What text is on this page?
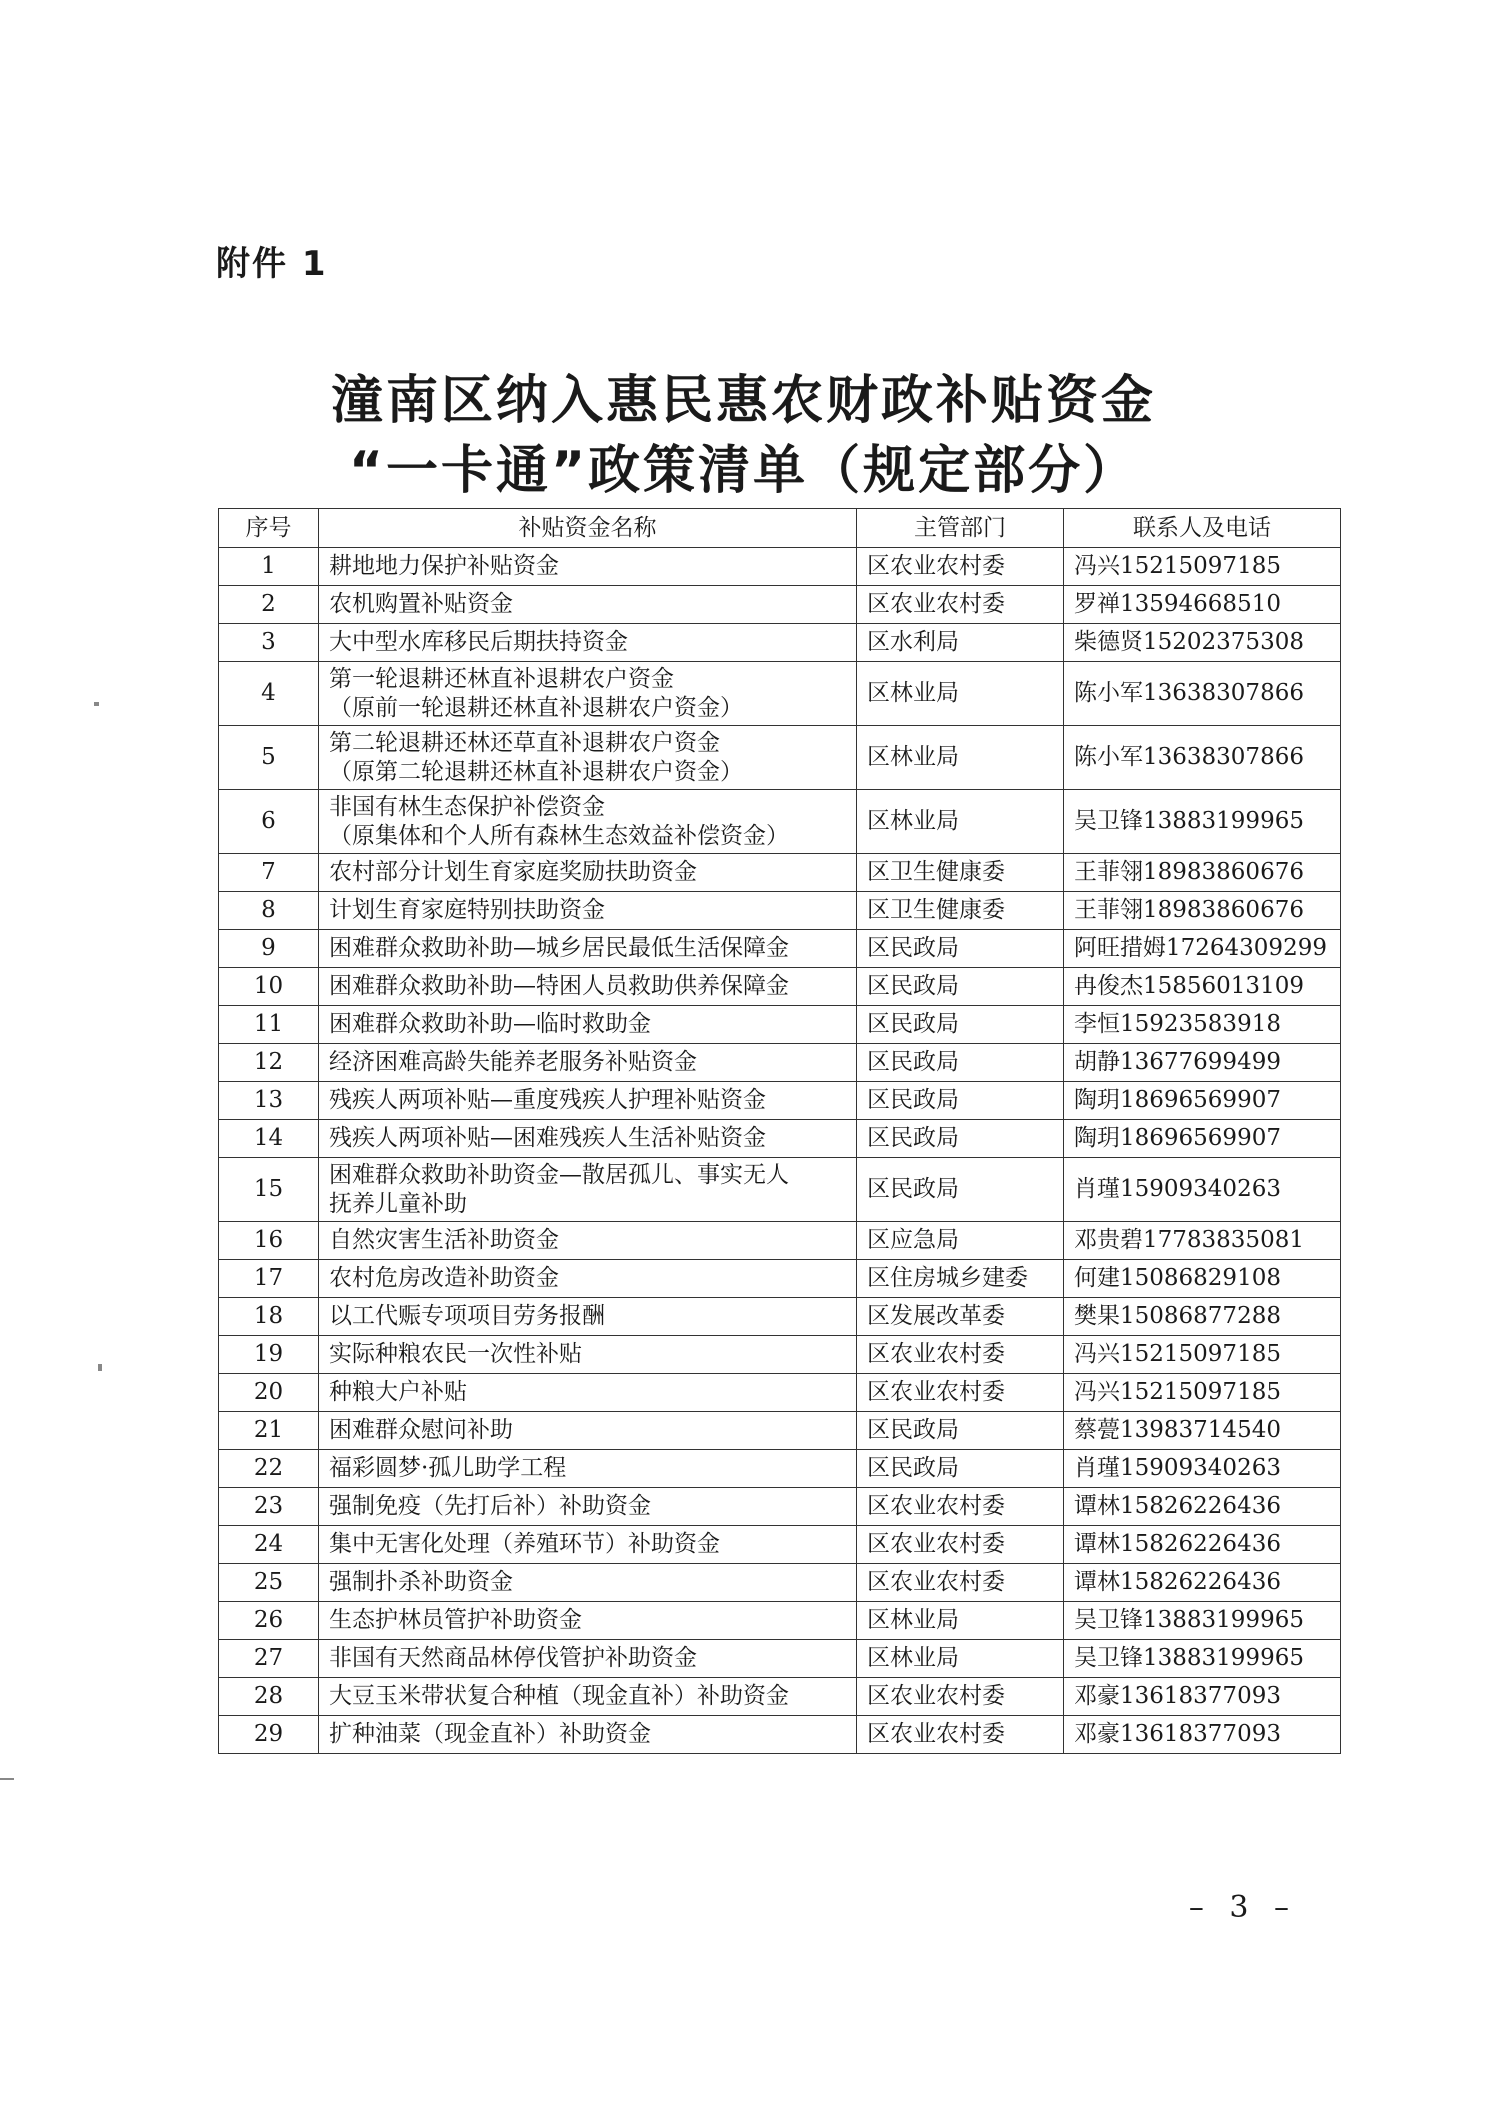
附件 1
潼南区纳入惠民惠农财政补贴资金
“一卡通”政策清单（规定部分）
序号	补贴资金名称	主管部门	联系人及电话
1	耕地地力保护补贴资金	区农业农村委	冯兴15215097185
2	农机购置补贴资金	区农业农村委	罗禅13594668510
3	大中型水库移民后期扶持资金	区水利局	柴德贤15202375308
4	第一轮退耕还林直补退耕农户资金
（原前一轮退耕还林直补退耕农户资金）	区林业局	陈小军13638307866
5	第二轮退耕还林还草直补退耕农户资金
（原第二轮退耕还林直补退耕农户资金）	区林业局	陈小军13638307866
6	非国有林生态保护补偿资金
（原集体和个人所有森林生态效益补偿资金）	区林业局	吴卫锋13883199965
7	农村部分计划生育家庭奖励扶助资金	区卫生健康委	王菲翎18983860676
8	计划生育家庭特别扶助资金	区卫生健康委	王菲翎18983860676
9	困难群众救助补助—城乡居民最低生活保障金	区民政局	阿旺措姆17264309299
10	困难群众救助补助—特困人员救助供养保障金	区民政局	冉俊杰15856013109
11	困难群众救助补助—临时救助金	区民政局	李恒15923583918
12	经济困难高龄失能养老服务补贴资金	区民政局	胡静13677699499
13	残疾人两项补贴—重度残疾人护理补贴资金	区民政局	陶玥18696569907
14	残疾人两项补贴—困难残疾人生活补贴资金	区民政局	陶玥18696569907
15	困难群众救助补助资金—散居孤儿、事实无人
抚养儿童补助	区民政局	肖瑾15909340263
16	自然灾害生活补助资金	区应急局	邓贵碧17783835081
17	农村危房改造补助资金	区住房城乡建委	何建15086829108
18	以工代赈专项项目劳务报酬	区发展改革委	樊果15086877288
19	实际种粮农民一次性补贴	区农业农村委	冯兴15215097185
20	种粮大户补贴	区农业农村委	冯兴15215097185
21	困难群众慰问补助	区民政局	蔡甍13983714540
22	福彩圆梦·孤儿助学工程	区民政局	肖瑾15909340263
23	强制免疫（先打后补）补助资金	区农业农村委	谭林15826226436
24	集中无害化处理（养殖环节）补助资金	区农业农村委	谭林15826226436
25	强制扑杀补助资金	区农业农村委	谭林15826226436
26	生态护林员管护补助资金	区林业局	吴卫锋13883199965
27	非国有天然商品林停伐管护补助资金	区林业局	吴卫锋13883199965
28	大豆玉米带状复合种植（现金直补）补助资金	区农业农村委	邓豪13618377093
29	扩种油菜（现金直补）补助资金	区农业农村委	邓豪13618377093
– 3 –
